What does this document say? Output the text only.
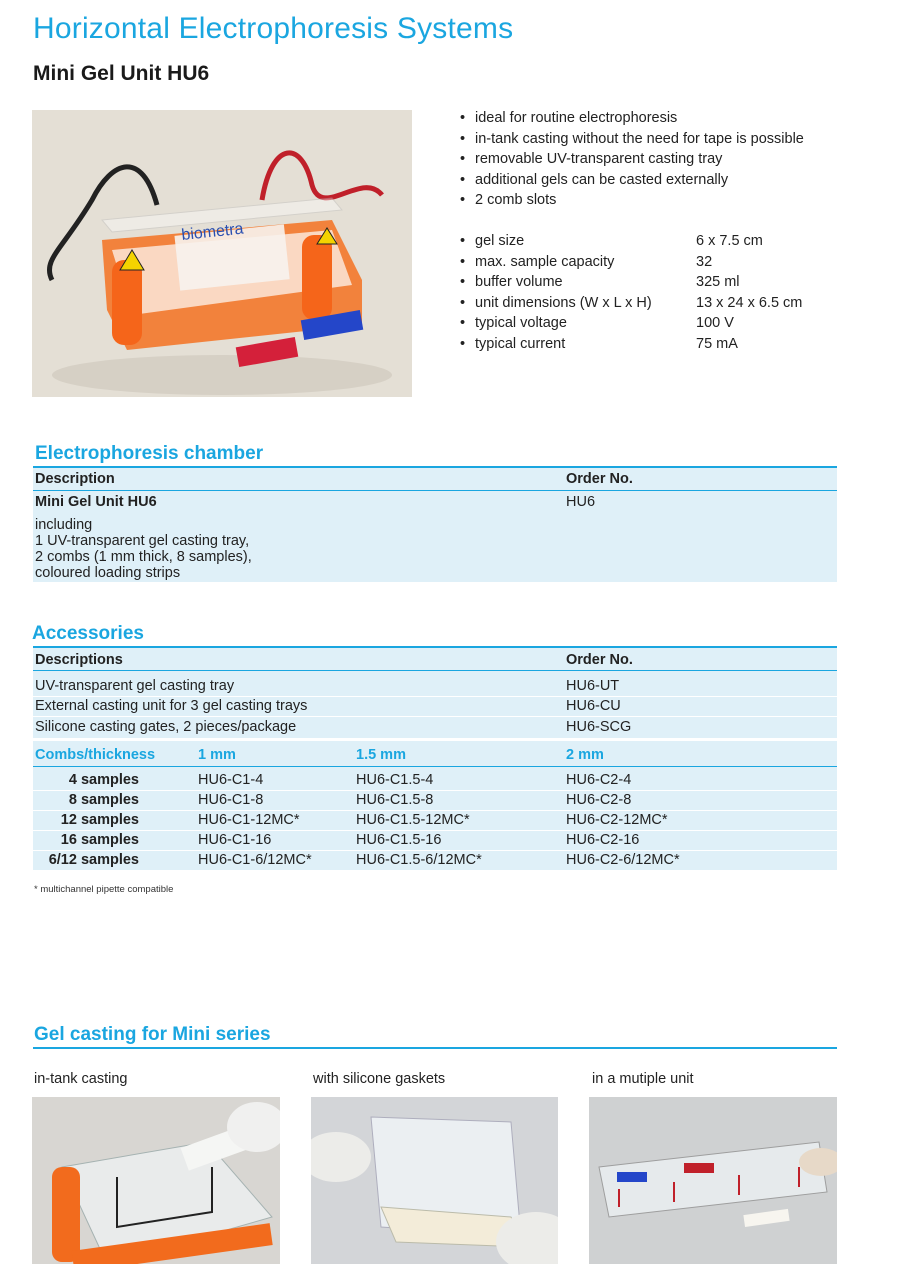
Horizontal Electrophoresis Systems
Mini Gel Unit HU6
biometra
• ideal for routine electrophoresis
• in-tank casting without the need for tape is possible
• removable UV-transparent casting tray
• additional gels can be casted externally
• 2 comb slots
• gel size	6 x 7.5 cm
• max. sample capacity	32
• buffer volume	325 ml
• unit dimensions (W x L x H)	13 x 24 x 6.5 cm
• typical voltage	100 V
• typical current	75 mA
Electrophoresis chamber
Description	Order No.
Mini Gel Unit HU6	HU6
including
1 UV-transparent gel casting tray,
2 combs (1 mm thick, 8 samples),
coloured loading strips
Accessories
Descriptions	Order No.
UV-transparent gel casting tray	HU6-UT
External casting unit for 3 gel casting trays	HU6-CU
Silicone casting gates, 2 pieces/package	HU6-SCG
Combs/thickness	1 mm	1.5 mm	2 mm
4 samples	HU6-C1-4	HU6-C1.5-4	HU6-C2-4
8 samples	HU6-C1-8	HU6-C1.5-8	HU6-C2-8
12 samples	HU6-C1-12MC*	HU6-C1.5-12MC*	HU6-C2-12MC*
16 samples	HU6-C1-16	HU6-C1.5-16	HU6-C2-16
6/12 samples	HU6-C1-6/12MC*	HU6-C1.5-6/12MC*	HU6-C2-6/12MC*
* multichannel pipette compatible
Gel casting for Mini series
in-tank casting	with silicone gaskets	in a mutiple unit
